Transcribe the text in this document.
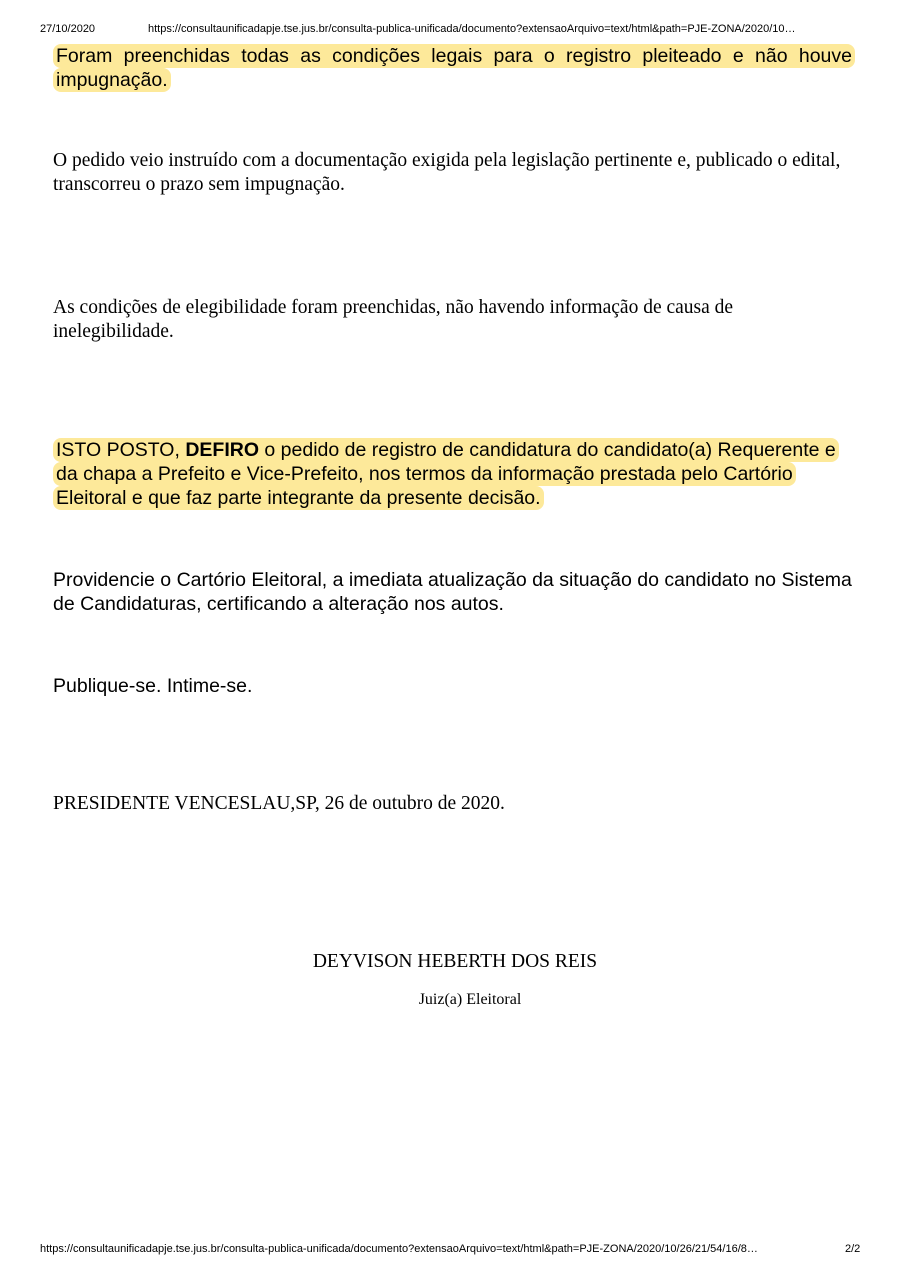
27/10/2020	https://consultaunificadapje.tse.jus.br/consulta-publica-unificada/documento?extensaoArquivo=text/html&path=PJE-ZONA/2020/10…

Foram preenchidas todas as condições legais para o registro pleiteado e não houve impugnação.

O pedido veio instruído com a documentação exigida pela legislação pertinente e, publicado o edital, transcorreu o prazo sem impugnação.

As condições de elegibilidade foram preenchidas, não havendo informação de causa de inelegibilidade.

ISTO POSTO, DEFIRO o pedido de registro de candidatura do candidato(a) Requerente e da chapa a Prefeito e Vice-Prefeito, nos termos da informação prestada pelo Cartório Eleitoral e que faz parte integrante da presente decisão.

Providencie o Cartório Eleitoral, a imediata atualização da situação do candidato no Sistema de Candidaturas, certificando a alteração nos autos.

Publique-se. Intime-se.

PRESIDENTE VENCESLAU,SP, 26 de outubro de 2020.

DEYVISON HEBERTH DOS REIS

Juiz(a) Eleitoral

https://consultaunificadapje.tse.jus.br/consulta-publica-unificada/documento?extensaoArquivo=text/html&path=PJE-ZONA/2020/10/26/21/54/16/8…	2/2
